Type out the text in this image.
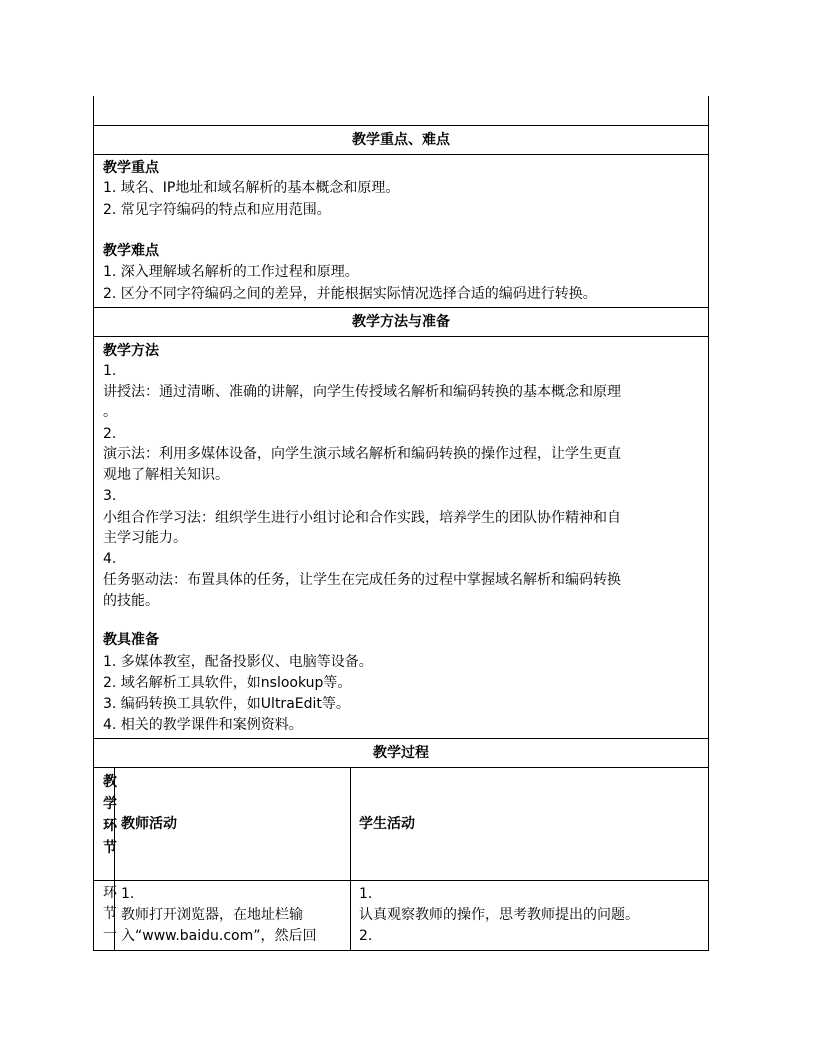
教学重点、难点
教学重点
1. 域名、IP地址和域名解析的基本概念和原理。
2. 常见字符编码的特点和应用范围。
教学难点
1. 深入理解域名解析的工作过程和原理。
2. 区分不同字符编码之间的差异，并能根据实际情况选择合适的编码进行转换。
教学方法与准备
教学方法
1.
讲授法：通过清晰、准确的讲解，向学生传授域名解析和编码转换的基本概念和原理
。
2.
演示法：利用多媒体设备，向学生演示域名解析和编码转换的操作过程，让学生更直
观地了解相关知识。
3.
小组合作学习法：组织学生进行小组讨论和合作实践，培养学生的团队协作精神和自
主学习能力。
4.
任务驱动法：布置具体的任务，让学生在完成任务的过程中掌握域名解析和编码转换
的技能。
教具准备
1. 多媒体教室，配备投影仪、电脑等设备。
2. 域名解析工具软件，如nslookup等。
3. 编码转换工具软件，如UltraEdit等。
4. 相关的教学课件和案例资料。
教学过程
教
学
环
节
教师活动	学生活动
环
节
一
1.
教师打开浏览器，在地址栏输
入“www.baidu.com”，然后回
1.
认真观察教师的操作，思考教师提出的问题。
2.
